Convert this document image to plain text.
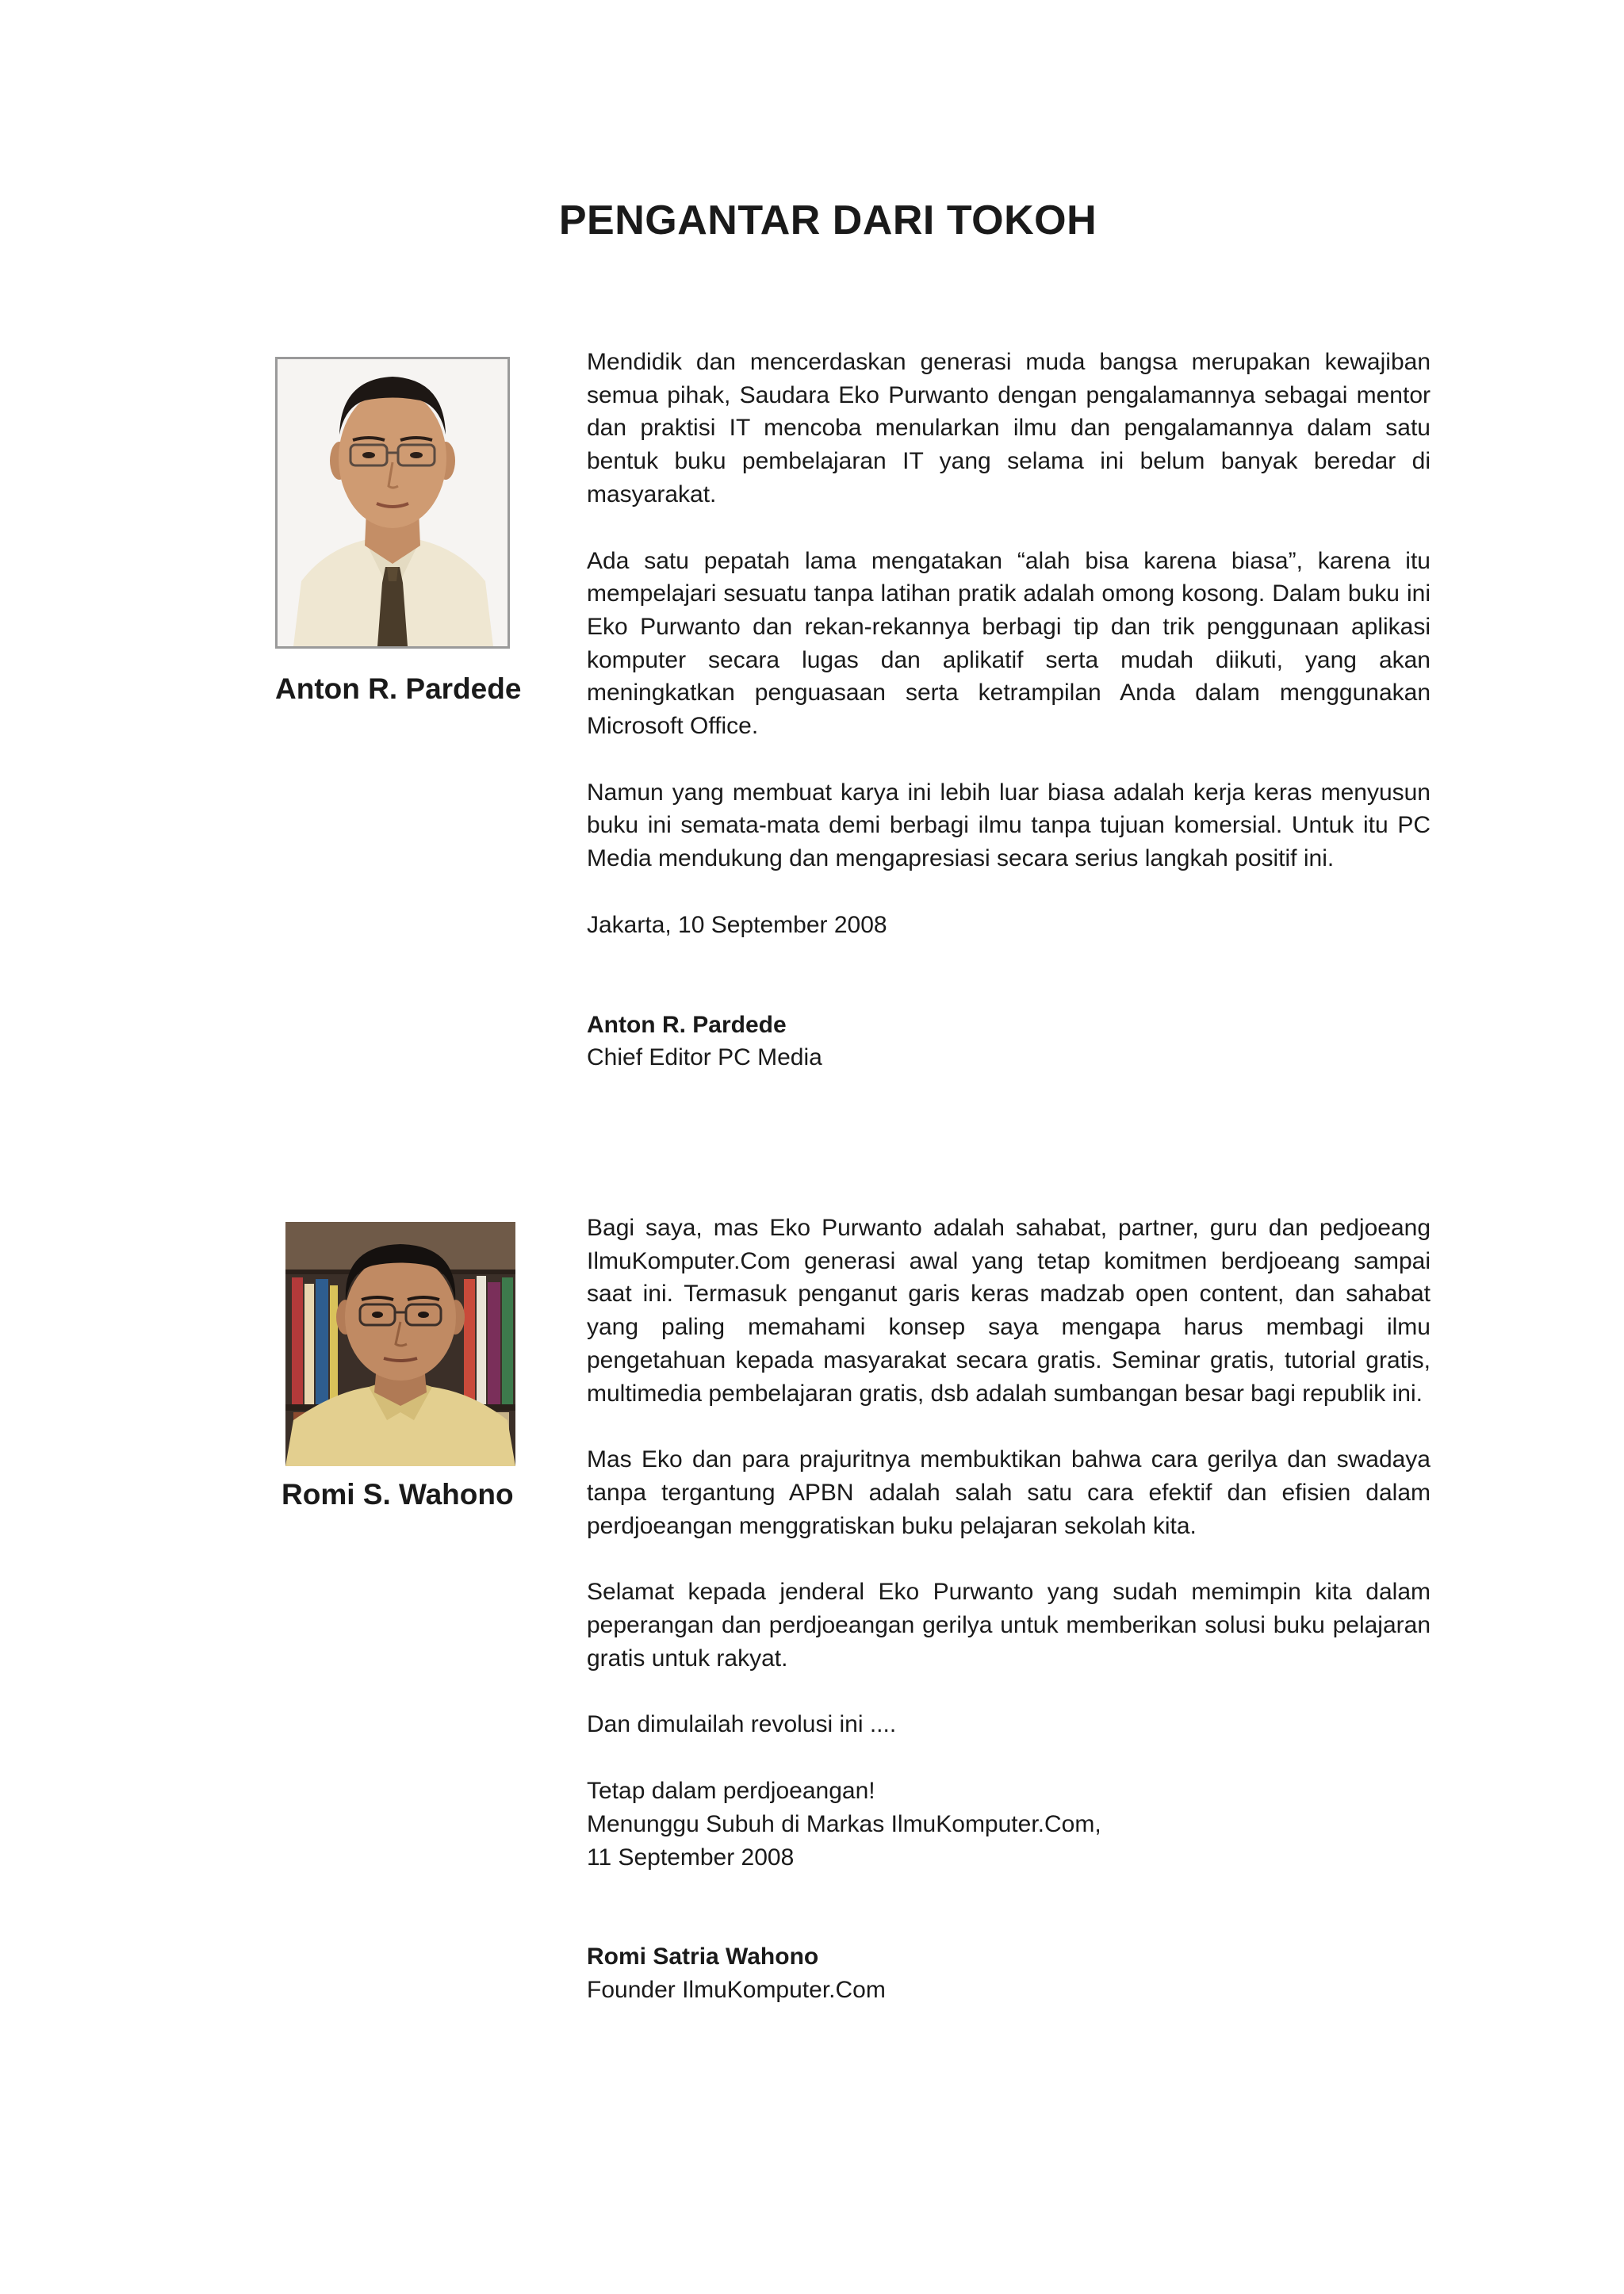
PENGANTAR DARI TOKOH
Anton R. Pardede

Mendidik dan mencerdaskan generasi muda bangsa merupakan kewajiban semua pihak, Saudara Eko Purwanto dengan pengalamannya sebagai mentor dan praktisi IT mencoba menularkan ilmu dan pengalamannya dalam satu bentuk buku pembelajaran IT yang selama ini belum banyak beredar di masyarakat.

Ada satu pepatah lama mengatakan “alah bisa karena biasa”, karena itu mempelajari sesuatu tanpa latihan pratik adalah omong kosong. Dalam buku ini Eko Purwanto dan rekan-rekannya berbagi tip dan trik penggunaan aplikasi komputer secara lugas dan aplikatif serta mudah diikuti, yang akan meningkatkan penguasaan serta ketrampilan Anda dalam menggunakan Microsoft Office.

Namun yang membuat karya ini lebih luar biasa adalah kerja keras menyusun buku ini semata-mata demi berbagi ilmu tanpa tujuan komersial. Untuk itu PC Media mendukung dan mengapresiasi secara serius langkah positif ini.

Jakarta, 10 September 2008

Anton R. Pardede
Chief Editor PC Media
Romi S. Wahono

Bagi saya, mas Eko Purwanto adalah sahabat, partner, guru dan pedjoeang IlmuKomputer.Com generasi awal yang tetap komitmen berdjoeang sampai saat ini. Termasuk penganut garis keras madzab open content, dan sahabat yang paling memahami konsep saya mengapa harus membagi ilmu pengetahuan kepada masyarakat secara gratis. Seminar gratis, tutorial gratis, multimedia pembelajaran gratis, dsb adalah sumbangan besar bagi republik ini.

Mas Eko dan para prajuritnya membuktikan bahwa cara gerilya dan swadaya tanpa tergantung APBN adalah salah satu cara efektif dan efisien dalam perdjoeangan menggratiskan buku pelajaran sekolah kita.

Selamat kepada jenderal Eko Purwanto yang sudah memimpin kita dalam peperangan dan perdjoeangan gerilya untuk memberikan solusi buku pelajaran gratis untuk rakyat.

Dan dimulailah revolusi ini ....

Tetap dalam perdjoeangan!
Menunggu Subuh di Markas IlmuKomputer.Com,
11 September 2008

Romi Satria Wahono
Founder IlmuKomputer.Com
